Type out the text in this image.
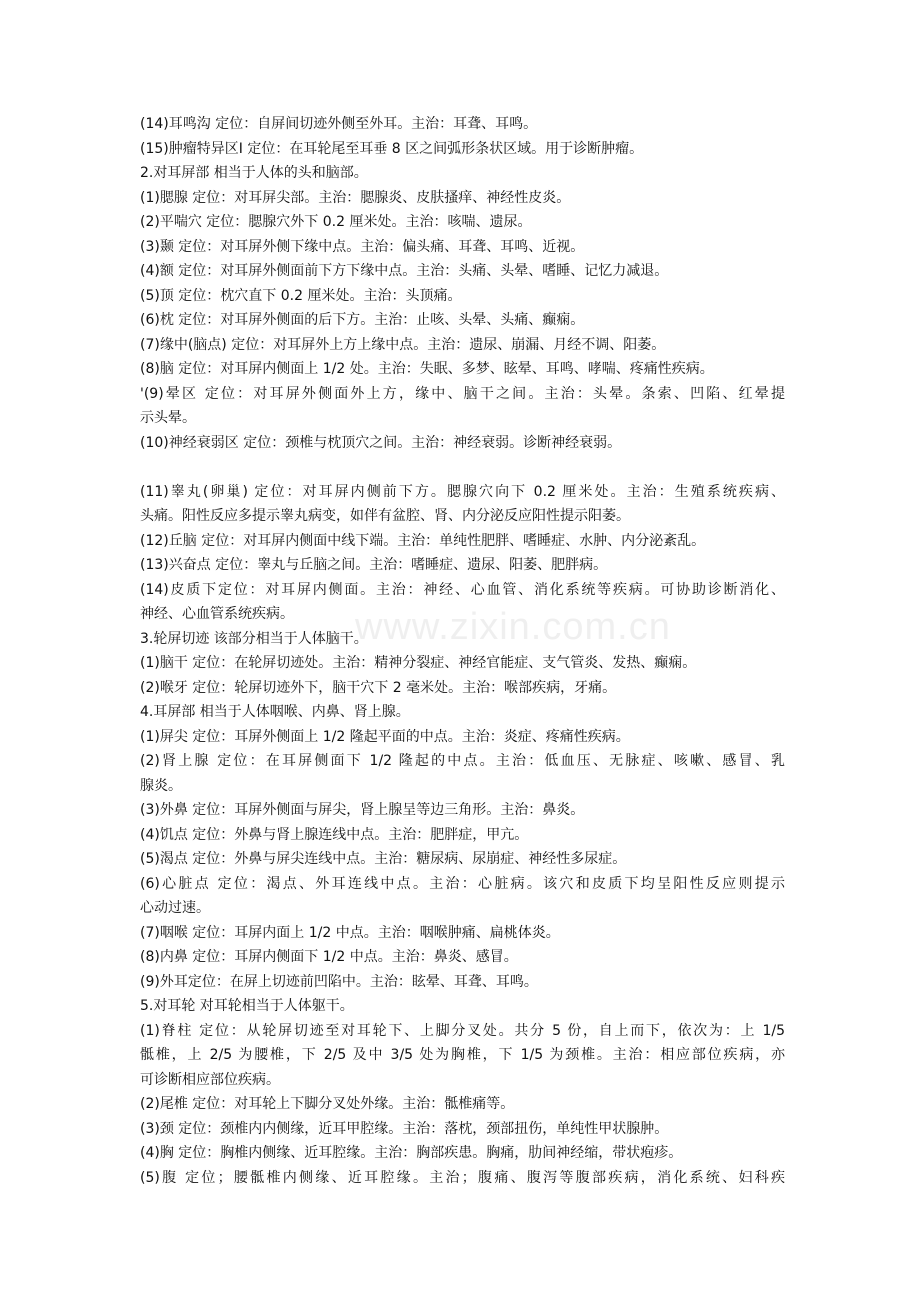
www.zixin.com.cn
(14)耳鸣沟 定位：自屏间切迹外侧至外耳。主治：耳聋、耳鸣。
(15)肿瘤特异区Ⅰ 定位：在耳轮尾至耳垂 8 区之间弧形条状区域。用于诊断肿瘤。
2.对耳屏部 相当于人体的头和脑部。
(1)腮腺 定位：对耳屏尖部。主治：腮腺炎、皮肤搔痒、神经性皮炎。
(2)平喘穴 定位：腮腺穴外下 0.2 厘米处。主治：咳喘、遗尿。
(3)颞 定位：对耳屏外侧下缘中点。主治：偏头痛、耳聋、耳鸣、近视。
(4)额 定位：对耳屏外侧面前下方下缘中点。主治：头痛、头晕、嗜睡、记忆力减退。
(5)顶 定位：枕穴直下 0.2 厘米处。主治：头顶痛。
(6)枕 定位：对耳屏外侧面的后下方。主治：止咳、头晕、头痛、癫痫。
(7)缘中(脑点) 定位：对耳屏外上方上缘中点。主治：遗尿、崩漏、月经不调、阳萎。
(8)脑 定位：对耳屏内侧面上 1/2 处。主治：失眠、多梦、眩晕、耳鸣、哮喘、疼痛性疾病。
'(9)晕区 定位：对耳屏外侧面外上方，缘中、脑干之间。主治：头晕。条索、凹陷、红晕提
示头晕。
(10)神经衰弱区 定位：颈椎与枕顶穴之间。主治：神经衰弱。诊断神经衰弱。
(11)睾丸(卵巢) 定位：对耳屏内侧前下方。腮腺穴向下 0.2 厘米处。主治：生殖系统疾病、
头痛。阳性反应多提示睾丸病变，如伴有盆腔、肾、内分泌反应阳性提示阳萎。
(12)丘脑 定位：对耳屏内侧面中线下端。主治：单纯性肥胖、嗜睡症、水肿、内分泌紊乱。
(13)兴奋点 定位：睾丸与丘脑之间。主治：嗜睡症、遗尿、阳萎、肥胖病。
(14)皮质下定位：对耳屏内侧面。主治：神经、心血管、消化系统等疾病。可协助诊断消化、
神经、心血管系统疾病。
3.轮屏切迹 该部分相当于人体脑干。
(1)脑干 定位：在轮屏切迹处。主治：精神分裂症、神经官能症、支气管炎、发热、癫痫。
(2)喉牙 定位：轮屏切迹外下，脑干穴下 2 毫米处。主治：喉部疾病，牙痛。
4.耳屏部 相当于人体咽喉、内鼻、肾上腺。
(1)屏尖 定位：耳屏外侧面上 1/2 隆起平面的中点。主治：炎症、疼痛性疾病。
(2)肾上腺 定位：在耳屏侧面下 1/2 隆起的中点。主治：低血压、无脉症、咳嗽、感冒、乳
腺炎。
(3)外鼻 定位：耳屏外侧面与屏尖，肾上腺呈等边三角形。主治：鼻炎。
(4)饥点 定位：外鼻与肾上腺连线中点。主治：肥胖症，甲亢。
(5)渴点 定位：外鼻与屏尖连线中点。主治：糖尿病、尿崩症、神经性多尿症。
(6)心脏点 定位：渴点、外耳连线中点。主治：心脏病。该穴和皮质下均呈阳性反应则提示
心动过速。
(7)咽喉 定位：耳屏内面上 1/2 中点。主治：咽喉肿痛、扁桃体炎。
(8)内鼻 定位：耳屏内侧面下 1/2 中点。主治：鼻炎、感冒。
(9)外耳定位：在屏上切迹前凹陷中。主治：眩晕、耳聋、耳鸣。
5.对耳轮 对耳轮相当于人体躯干。
(1)脊柱 定位：从轮屏切迹至对耳轮下、上脚分叉处。共分 5 份，自上而下，依次为：上 1/5
骶椎，上 2/5 为腰椎，下 2/5 及中 3/5 处为胸椎，下 1/5 为颈椎。主治：相应部位疾病，亦
可诊断相应部位疾病。
(2)尾椎 定位：对耳轮上下脚分叉处外缘。主治：骶椎痛等。
(3)颈 定位：颈椎内内侧缘，近耳甲腔缘。主治：落枕，颈部扭伤，单纯性甲状腺肿。
(4)胸 定位：胸椎内侧缘、近耳腔缘。主治：胸部疾患。胸痛，肋间神经缩，带状疱疹。
(5)腹 定位；腰骶椎内侧缘、近耳腔缘。主治；腹痛、腹泻等腹部疾病，消化系统、妇科疾
